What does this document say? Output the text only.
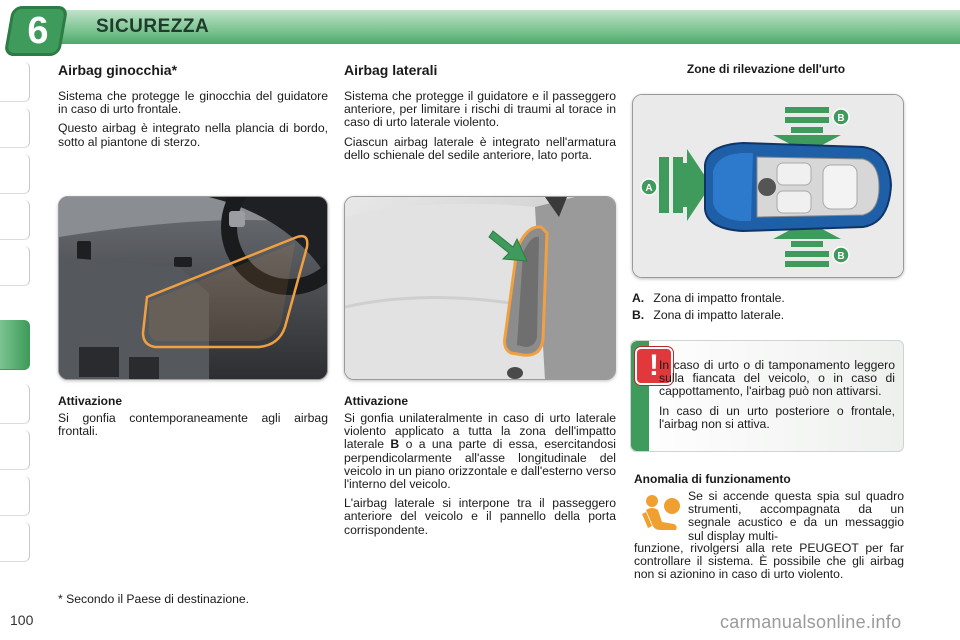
6	SICUREZZA
Airbag ginocchia*

Sistema che protegge le ginocchia del guidatore in caso di urto frontale.

Questo airbag è integrato nella plancia di bordo, sotto al piantone di sterzo.

Attivazione

Si gonfia contemporaneamente agli airbag frontali.

Airbag laterali

Sistema che protegge il guidatore e il passeggero anteriore, per limitare i rischi di traumi al torace in caso di urto laterale violento.

Ciascun airbag laterale è integrato nell'armatura dello schienale del sedile anteriore, lato porta.

Attivazione

Si gonfia unilateralmente in caso di urto laterale violento applicato a tutta la zona dell'impatto laterale B o a una parte di essa, esercitandosi perpendicolarmente all'asse longitudinale del veicolo in un piano orizzontale e dall'esterno verso l'interno del veicolo.

L'airbag laterale si interpone tra il passeggero anteriore del veicolo e il pannello della porta corrispondente.

Zone di rilevazione dell'urto
B
A
B

A. Zona di impatto frontale.

B. Zona di impatto laterale.

! In caso di urto o di tamponamento leggero sulla fiancata del veicolo, o in caso di cappottamento, l'airbag può non attivarsi.

In caso di un urto posteriore o frontale, l'airbag non si attiva.

Anomalia di funzionamento

Se si accende questa spia sul quadro strumenti, accompagnata da un segnale acustico e da un messaggio sul display multi-

funzione, rivolgersi alla rete PEUGEOT per far controllare il sistema. È possibile che gli airbag non si azionino in caso di urto violento.

* Secondo il Paese di destinazione.
100	carmanualsonline.info
